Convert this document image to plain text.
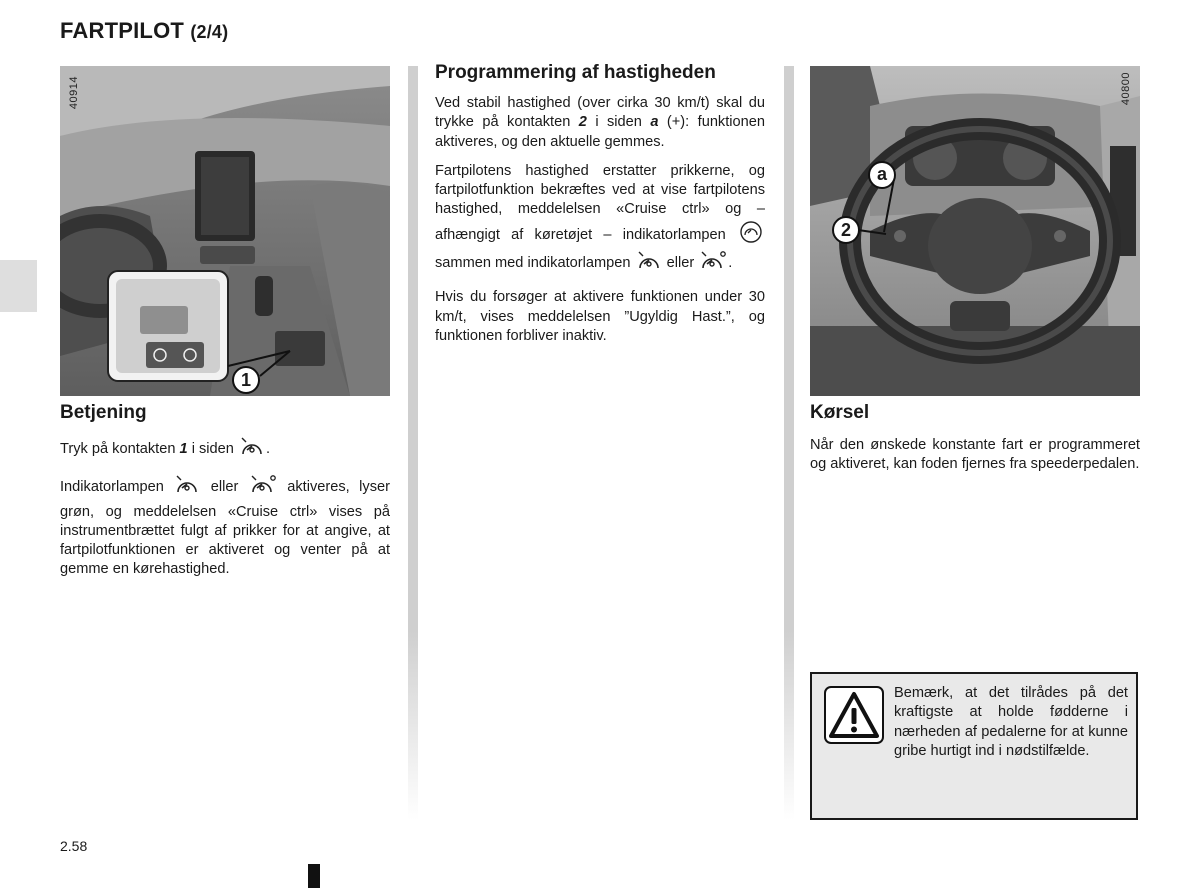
FARTPILOT (2/4)
40914
1
Betjening

Tryk på kontakten 1 i siden .

Indikatorlampen  eller  aktiveres, lyser grøn, og meddelelsen «Cruise ctrl» vises på instrumentbrættet fulgt af prikker for at angive, at fartpilotfunktionen er aktiveret og venter på at gemme en kørehastighed.

Programmering af hastigheden

Ved stabil hastighed (over cirka 30 km/t) skal du trykke på kontakten 2 i siden a (+): funktionen aktiveres, og den aktuelle gemmes.

Fartpilotens hastighed erstatter prikkerne, og fartpilotfunktion bekræftes ved at vise fartpilotens hastighed, meddelelsen «Cruise ctrl» og – afhængigt af køretøjet – indikatorlampen  sammen med indikatorlampen  eller .

Hvis du forsøger at aktivere funktionen under 30 km/t, vises meddelelsen ”Ugyldig Hast.”, og funktionen forbliver inaktiv.

40800
a
2
Kørsel

Når den ønskede konstante fart er programmeret og aktiveret, kan foden fjernes fra speederpedalen.

Bemærk, at det tilrådes på det kraftigste at holde fødderne i nærheden af pedalerne for at kunne gribe hurtigt ind i nødstilfælde.
2.58
